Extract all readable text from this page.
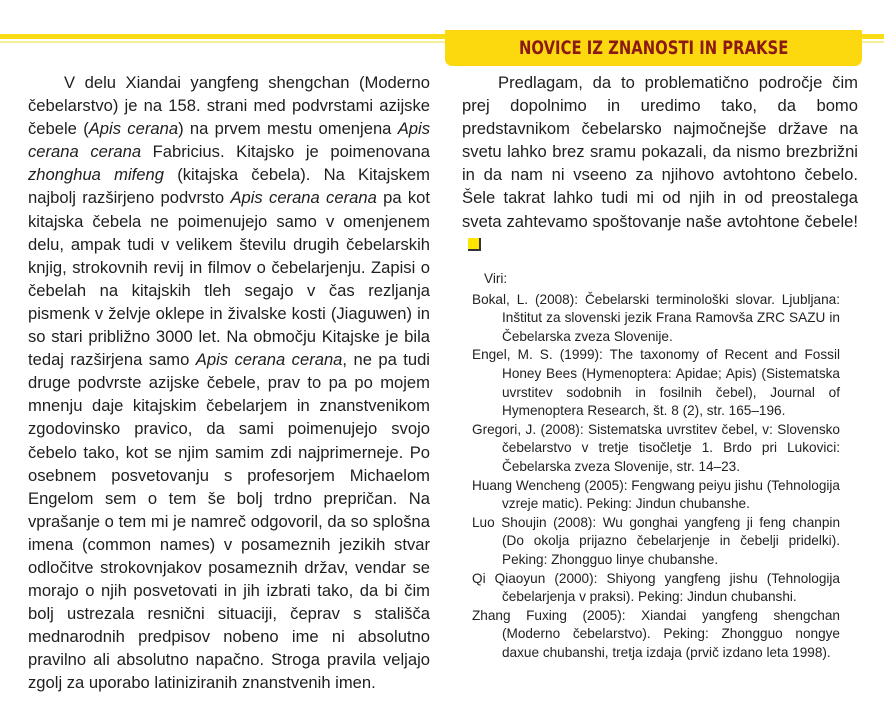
NOVICE IZ ZNANOSTI IN PRAKSE

V delu Xiandai yangfeng shengchan (Moderno čebelarstvo) je na 158. strani med podvrstami azijske čebele (Apis cerana) na prvem mestu omenjena Apis cerana cerana Fabricius. Kitajsko je poimenovana zhonghua mifeng (kitajska čebela). Na Kitajskem najbolj razširjeno podvrsto Apis cerana cerana pa kot kitajska čebela ne poimenujejo samo v omenjenem delu, ampak tudi v velikem številu drugih čebelarskih knjig, strokovnih revij in filmov o čebelarjenju. Zapisi o čebelah na kitajskih tleh segajo v čas rezljanja pismenk v želvje oklepe in živalske kosti (Jiaguwen) in so stari približno 3000 let. Na območju Kitajske je bila tedaj razširjena samo Apis cerana cerana, ne pa tudi druge podvrste azijske čebele, prav to pa po mojem mnenju daje kitajskim čebelarjem in znanstvenikom zgodovinsko pravico, da sami poimenujejo svojo čebelo tako, kot se njim samim zdi najprimerneje. Po osebnem posvetovanju s profesorjem Michaelom Engelom sem o tem še bolj trdno prepričan. Na vprašanje o tem mi je namreč odgovoril, da so splošna imena (common names) v posameznih jezikih stvar odločitve strokovnjakov posameznih držav, vendar se morajo o njih posvetovati in jih izbrati tako, da bi čim bolj ustrezala resnični situaciji, čeprav s stališča mednarodnih predpisov nobeno ime ni absolutno pravilno ali absolutno napačno. Stroga pravila veljajo zgolj za uporabo latiniziranih znanstvenih imen.

Predlagam, da to problematično področje čim prej dopolnimo in uredimo tako, da bomo predstavnikom čebelarsko najmočnejše države na svetu lahko brez sramu pokazali, da nismo brezbrižni in da nam ni vseeno za njihovo avtohtono čebelo. Šele takrat lahko tudi mi od njih in od preostalega sveta zahtevamo spoštovanje naše avtohtone čebele!

Viri:

Bokal, L. (2008): Čebelarski terminološki slovar. Ljubljana: Inštitut za slovenski jezik Frana Ramovša ZRC SAZU in Čebelarska zveza Slovenije.

Engel, M. S. (1999): The taxonomy of Recent and Fossil Honey Bees (Hymenoptera: Apidae; Apis) (Sistematska uvrstitev sodobnih in fosilnih čebel), Journal of Hymenoptera Research, št. 8 (2), str. 165–196.

Gregori, J. (2008): Sistematska uvrstitev čebel, v: Slovensko čebelarstvo v tretje tisočletje 1. Brdo pri Lukovici: Čebelarska zveza Slovenije, str. 14–23.

Huang Wencheng (2005): Fengwang peiyu jishu (Tehnologija vzreje matic). Peking: Jindun chubanshe.

Luo Shoujin (2008): Wu gonghai yangfeng ji feng chanpin (Do okolja prijazno čebelarjenje in čebelji pridelki). Peking: Zhongguo linye chubanshe.

Qi Qiaoyun (2000): Shiyong yangfeng jishu (Tehnologija čebelarjenja v praksi). Peking: Jindun chubanshi.

Zhang Fuxing (2005): Xiandai yangfeng shengchan (Moderno čebelarstvo). Peking: Zhongguo nongye daxue chubanshi, tretja izdaja (prvič izdano leta 1998).
